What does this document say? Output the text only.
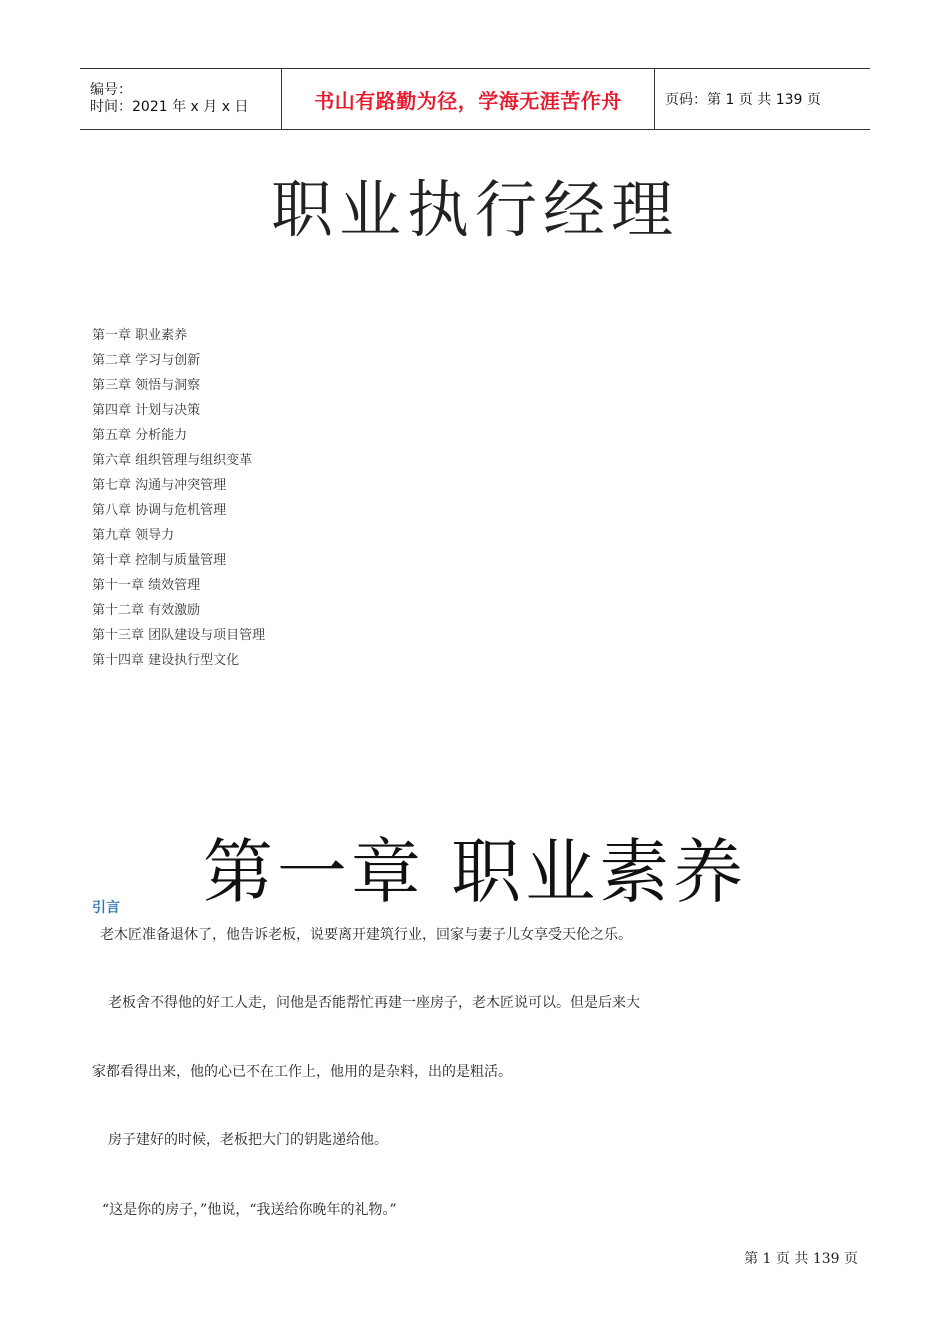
编号：
时间：2021 年 x 月 x 日	书山有路勤为径，学海无涯苦作舟	页码：第 1 页 共 139 页
职业执行经理
第一章 职业素养
第二章 学习与创新
第三章 领悟与洞察
第四章 计划与决策
第五章 分析能力
第六章 组织管理与组织变革
第七章 沟通与冲突管理
第八章 协调与危机管理
第九章 领导力
第十章 控制与质量管理
第十一章 绩效管理
第十二章 有效激励
第十三章 团队建设与项目管理
第十四章 建设执行型文化
第一章 职业素养
引言
老木匠准备退休了，他告诉老板，说要离开建筑行业，回家与妻子儿女享受天伦之乐。
老板舍不得他的好工人走，问他是否能帮忙再建一座房子，老木匠说可以。但是后来大
家都看得出来，他的心已不在工作上，他用的是杂料，出的是粗活。
房子建好的时候，老板把大门的钥匙递给他。
“这是你的房子，”他说，“我送给你晚年的礼物。”
第 1 页 共 139 页
